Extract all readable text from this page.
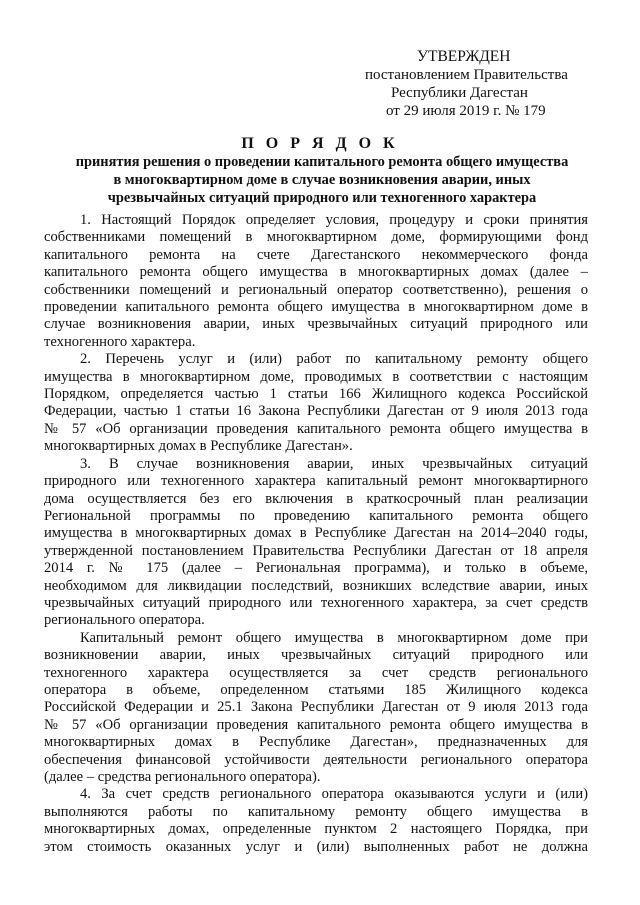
УТВЕРЖДЕН
постановлением Правительства
Республики Дагестан
от 29 июля 2019 г. № 179
П О Р Я Д О К
принятия решения о проведении капитального ремонта общего имущества
в многоквартирном доме в случае возникновения аварии, иных
чрезвычайных ситуаций природного или техногенного характера
1. Настоящий Порядок определяет условия, процедуру и сроки принятия
собственниками помещений в многоквартирном доме, формирующими фонд
капитального ремонта на счете Дагестанского некоммерческого фонда
капитального ремонта общего имущества в многоквартирных домах (далее –
собственники помещений и региональный оператор соответственно), решения о
проведении капитального ремонта общего имущества в многоквартирном доме в
случае возникновения аварии, иных чрезвычайных ситуаций природного или
техногенного характера.
2. Перечень услуг и (или) работ по капитальному ремонту общего
имущества в многоквартирном доме, проводимых в соответствии с настоящим
Порядком, определяется частью 1 статьи 166 Жилищного кодекса Российской
Федерации, частью 1 статьи 16 Закона Республики Дагестан от 9 июля 2013 года
№ 57 «Об организации проведения капитального ремонта общего имущества в
многоквартирных домах в Республике Дагестан».
3. В случае возникновения аварии, иных чрезвычайных ситуаций
природного или техногенного характера капитальный ремонт многоквартирного
дома осуществляется без его включения в краткосрочный план реализации
Региональной программы по проведению капитального ремонта общего
имущества в многоквартирных домах в Республике Дагестан на 2014–2040 годы,
утвержденной постановлением Правительства Республики Дагестан от 18 апреля
2014 г. № 175 (далее – Региональная программа), и только в объеме,
необходимом для ликвидации последствий, возникших вследствие аварии, иных
чрезвычайных ситуаций природного или техногенного характера, за счет средств
регионального оператора.
Капитальный ремонт общего имущества в многоквартирном доме при
возникновении аварии, иных чрезвычайных ситуаций природного или
техногенного характера осуществляется за счет средств регионального
оператора в объеме, определенном статьями 185 Жилищного кодекса
Российской Федерации и 25.1 Закона Республики Дагестан от 9 июля 2013 года
№ 57 «Об организации проведения капитального ремонта общего имущества в
многоквартирных домах в Республике Дагестан», предназначенных для
обеспечения финансовой устойчивости деятельности регионального оператора
(далее – средства регионального оператора).
4. За счет средств регионального оператора оказываются услуги и (или)
выполняются работы по капитальному ремонту общего имущества в
многоквартирных домах, определенные пунктом 2 настоящего Порядка, при
этом стоимость оказанных услуг и (или) выполненных работ не должна
